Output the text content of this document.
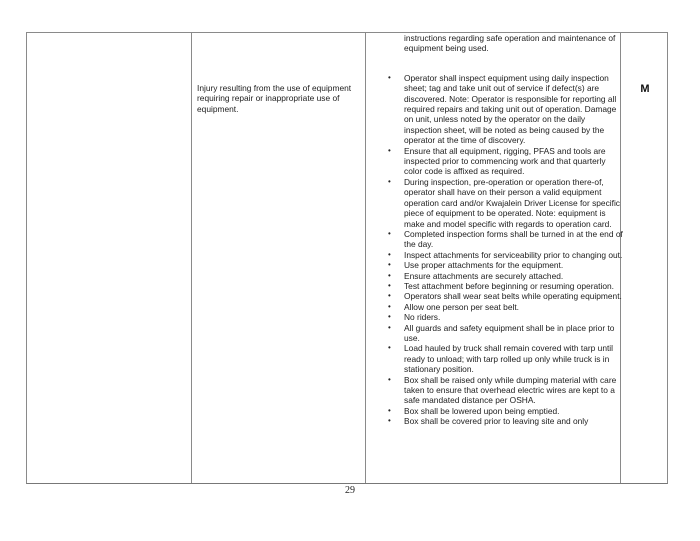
Injury resulting from the use of equipment requiring repair or inappropriate use of equipment.
instructions regarding safe operation and maintenance of equipment being used.
• Operator shall inspect equipment using daily inspection sheet; tag and take unit out of service if defect(s) are discovered. Note: Operator is responsible for reporting all required repairs and taking unit out of operation. Damage on unit, unless noted by the operator on the daily inspection sheet, will be noted as being caused by the operator at the time of discovery.
• Ensure that all equipment, rigging, PFAS and tools are inspected prior to commencing work and that quarterly color code is affixed as required.
• During inspection, pre-operation or operation there-of, operator shall have on their person a valid equipment operation card and/or Kwajalein Driver License for specific piece of equipment to be operated. Note: equipment is make and model specific with regards to operation card.
• Completed inspection forms shall be turned in at the end of the day.
• Inspect attachments for serviceability prior to changing out.
• Use proper attachments for the equipment.
• Ensure attachments are securely attached.
• Test attachment before beginning or resuming operation.
• Operators shall wear seat belts while operating equipment.
• Allow one person per seat belt.
• No riders.
• All guards and safety equipment shall be in place prior to use.
• Load hauled by truck shall remain covered with tarp until ready to unload; with tarp rolled up only while truck is in stationary position.
• Box shall be raised only while dumping material with care taken to ensure that overhead electric wires are kept to a safe mandated distance per OSHA.
• Box shall be lowered upon being emptied.
• Box shall be covered prior to leaving site and only
M
29
